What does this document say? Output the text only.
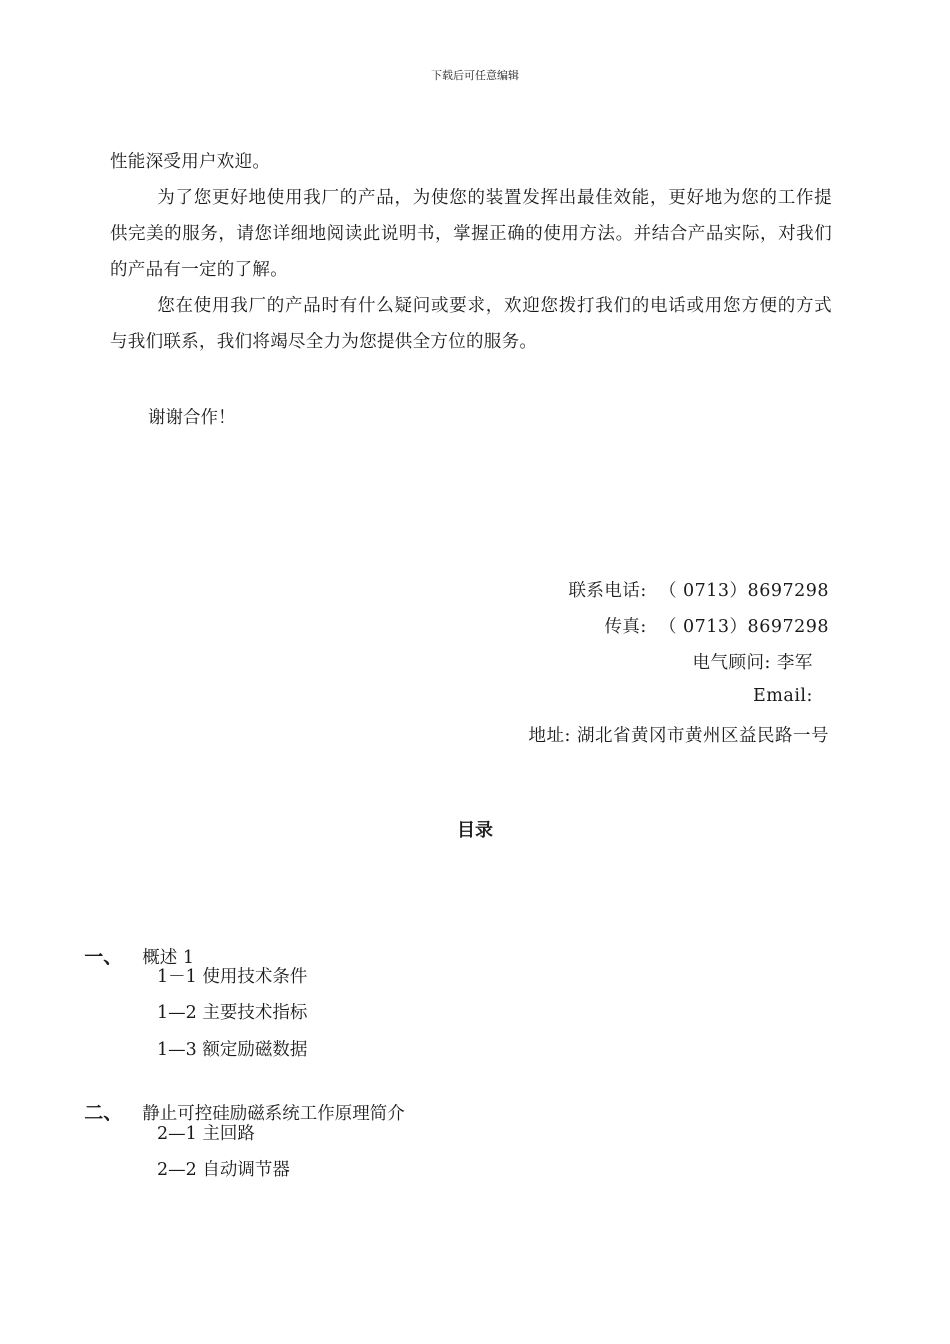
下载后可任意编辑
性能深受用户欢迎。
为了您更好地使用我厂的产品，为使您的装置发挥出最佳效能，更好地为您的工作提供完美的服务，请您详细地阅读此说明书，掌握正确的使用方法。并结合产品实际，对我们的产品有一定的了解。
您在使用我厂的产品时有什么疑问或要求，欢迎您拨打我们的电话或用您方便的方式与我们联系，我们将竭尽全力为您提供全方位的服务。
谢谢合作！
联系电话:  （ 0713）8697298
传真:  （ 0713）8697298
电气顾问: 李军
Email:
地址: 湖北省黄冈市黄州区益民路一号
目录

一、 概述 1

1－1 使用技术条件
1—2 主要技术指标
1—3 额定励磁数据

二、 静止可控硅励磁系统工作原理简介

2—1 主回路
2—2 自动调节器
